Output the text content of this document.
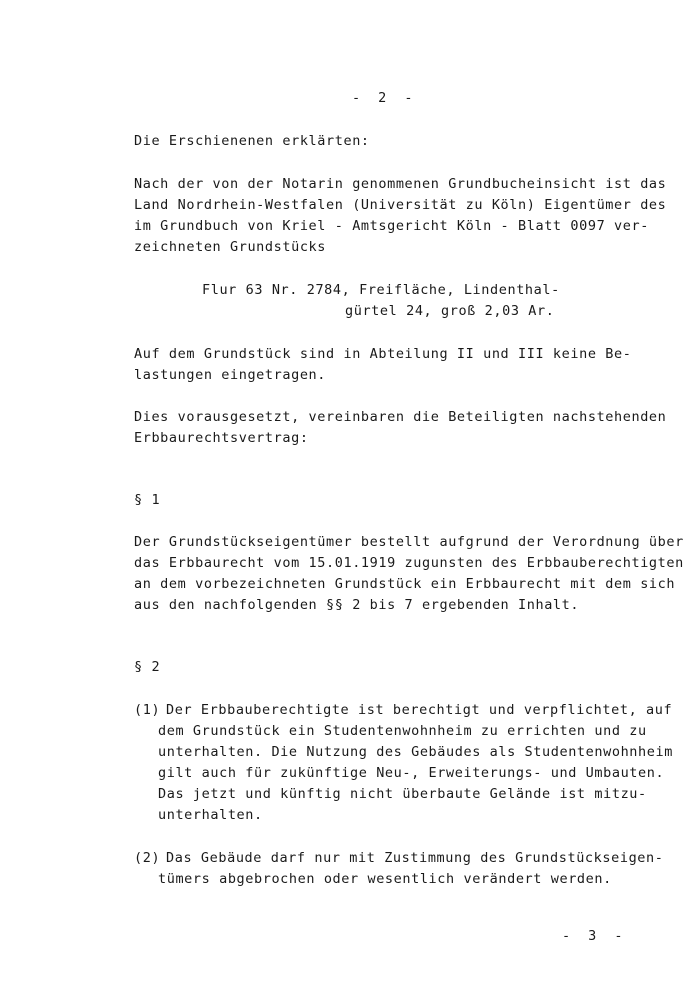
-  2  -
Die Erschienenen erklärten:
Nach der von der Notarin genommenen Grundbucheinsicht ist das
Land Nordrhein-Westfalen (Universität zu Köln) Eigentümer des
im Grundbuch von Kriel - Amtsgericht Köln - Blatt 0097 ver-
zeichneten Grundstücks
Flur 63 Nr. 2784, Freifläche, Lindenthal-
gürtel 24, groß 2,03 Ar.
Auf dem Grundstück sind in Abteilung II und III keine Be-
lastungen eingetragen.
Dies vorausgesetzt, vereinbaren die Beteiligten nachstehenden
Erbbaurechtsvertrag:
§ 1
Der Grundstückseigentümer bestellt aufgrund der Verordnung über
das Erbbaurecht vom 15.01.1919 zugunsten des Erbbauberechtigten
an dem vorbezeichneten Grundstück ein Erbbaurecht mit dem sich
aus den nachfolgenden §§ 2 bis 7 ergebenden Inhalt.
§ 2
(1) Der Erbbauberechtigte ist berechtigt und verpflichtet, auf
dem Grundstück ein Studentenwohnheim zu errichten und zu
unterhalten. Die Nutzung des Gebäudes als Studentenwohnheim
gilt auch für zukünftige Neu-, Erweiterungs- und Umbauten.
Das jetzt und künftig nicht überbaute Gelände ist mitzu-
unterhalten.
(2) Das Gebäude darf nur mit Zustimmung des Grundstückseigen-
tümers abgebrochen oder wesentlich verändert werden.
-  3  -
